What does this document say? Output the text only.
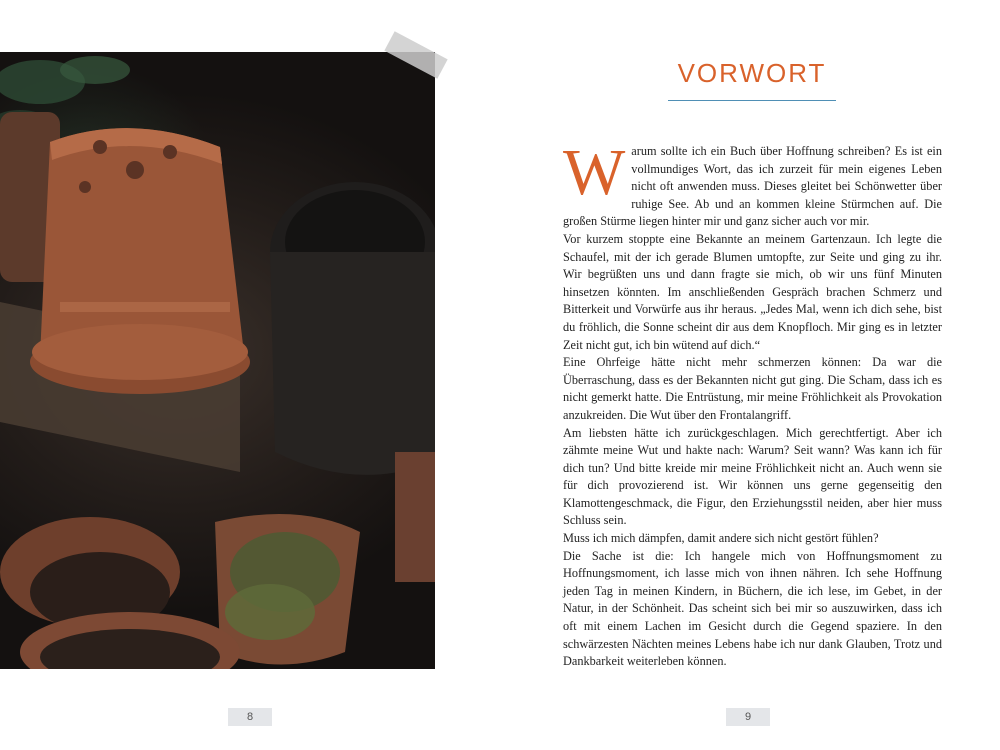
VORWORT

Warum sollte ich ein Buch über Hoffnung schreiben? Es ist ein vollmundiges Wort, das ich zurzeit für mein eigenes Leben nicht oft anwenden muss. Dieses gleitet bei Schönwetter über ruhige See. Ab und an kommen kleine Stürmchen auf. Die großen Stürme liegen hinter mir und ganz sicher auch vor mir.

Vor kurzem stoppte eine Bekannte an meinem Gartenzaun. Ich legte die Schaufel, mit der ich gerade Blumen umtopfte, zur Seite und ging zu ihr. Wir begrüßten uns und dann fragte sie mich, ob wir uns fünf Minuten hinsetzen könnten. Im anschließenden Gespräch brachen Schmerz und Bitterkeit und Vorwürfe aus ihr heraus. „Jedes Mal, wenn ich dich sehe, bist du fröhlich, die Sonne scheint dir aus dem Knopfloch. Mir ging es in letzter Zeit nicht gut, ich bin wütend auf dich.“

Eine Ohrfeige hätte nicht mehr schmerzen können: Da war die Überraschung, dass es der Bekannten nicht gut ging. Die Scham, dass ich es nicht gemerkt hatte. Die Entrüstung, mir meine Fröhlichkeit als Provokation anzukreiden. Die Wut über den Frontalangriff.

Am liebsten hätte ich zurückgeschlagen. Mich gerechtfertigt. Aber ich zähmte meine Wut und hakte nach: Warum? Seit wann? Was kann ich für dich tun? Und bitte kreide mir meine Fröhlichkeit nicht an. Auch wenn sie für dich provozierend ist. Wir können uns gerne gegenseitig den Klamottengeschmack, die Figur, den Erziehungsstil neiden, aber hier muss Schluss sein.

Muss ich mich dämpfen, damit andere sich nicht gestört fühlen?

Die Sache ist die: Ich hangele mich von Hoffnungsmoment zu Hoffnungsmoment, ich lasse mich von ihnen nähren. Ich sehe Hoffnung jeden Tag in meinen Kindern, in Büchern, die ich lese, im Gebet, in der Natur, in der Schönheit. Das scheint sich bei mir so auszuwirken, dass ich oft mit einem Lachen im Gesicht durch die Gegend spaziere. In den schwärzesten Nächten meines Lebens habe ich nur dank Glauben, Trotz und Dankbarkeit weiterleben können.

8	9
